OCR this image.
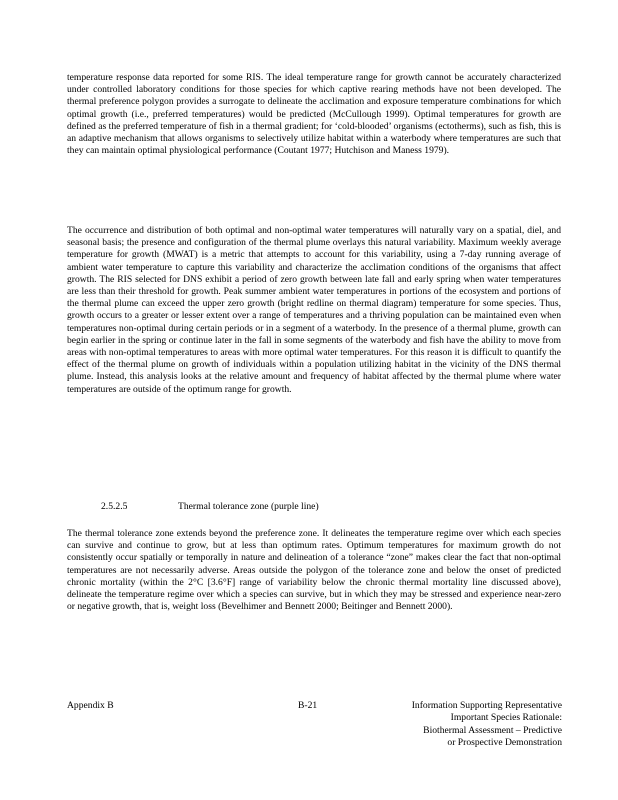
temperature response data reported for some RIS. The ideal temperature range for growth cannot be accurately characterized under controlled laboratory conditions for those species for which captive rearing methods have not been developed. The thermal preference polygon provides a surrogate to delineate the acclimation and exposure temperature combinations for which optimal growth (i.e., preferred temperatures) would be predicted (McCullough 1999). Optimal temperatures for growth are defined as the preferred temperature of fish in a thermal gradient; for ‘cold-blooded’ organisms (ectotherms), such as fish, this is an adaptive mechanism that allows organisms to selectively utilize habitat within a waterbody where temperatures are such that they can maintain optimal physiological performance (Coutant 1977; Hutchison and Maness 1979).

The occurrence and distribution of both optimal and non-optimal water temperatures will naturally vary on a spatial, diel, and seasonal basis; the presence and configuration of the thermal plume overlays this natural variability. Maximum weekly average temperature for growth (MWAT) is a metric that attempts to account for this variability, using a 7-day running average of ambient water temperature to capture this variability and characterize the acclimation conditions of the organisms that affect growth. The RIS selected for DNS exhibit a period of zero growth between late fall and early spring when water temperatures are less than their threshold for growth. Peak summer ambient water temperatures in portions of the ecosystem and portions of the thermal plume can exceed the upper zero growth (bright redline on thermal diagram) temperature for some species. Thus, growth occurs to a greater or lesser extent over a range of temperatures and a thriving population can be maintained even when temperatures non-optimal during certain periods or in a segment of a waterbody. In the presence of a thermal plume, growth can begin earlier in the spring or continue later in the fall in some segments of the waterbody and fish have the ability to move from areas with non-optimal temperatures to areas with more optimal water temperatures. For this reason it is difficult to quantify the effect of the thermal plume on growth of individuals within a population utilizing habitat in the vicinity of the DNS thermal plume. Instead, this analysis looks at the relative amount and frequency of habitat affected by the thermal plume where water temperatures are outside of the optimum range for growth.

2.5.2.5	Thermal tolerance zone (purple line)

The thermal tolerance zone extends beyond the preference zone. It delineates the temperature regime over which each species can survive and continue to grow, but at less than optimum rates. Optimum temperatures for maximum growth do not consistently occur spatially or temporally in nature and delineation of a tolerance “zone” makes clear the fact that non-optimal temperatures are not necessarily adverse. Areas outside the polygon of the tolerance zone and below the onset of predicted chronic mortality (within the 2°C [3.6°F] range of variability below the chronic thermal mortality line discussed above), delineate the temperature regime over which a species can survive, but in which they may be stressed and experience near-zero or negative growth, that is, weight loss (Bevelhimer and Bennett 2000; Beitinger and Bennett 2000).

Appendix B	B-21	Information Supporting Representative
Important Species Rationale:
Biothermal Assessment – Predictive
or Prospective Demonstration
